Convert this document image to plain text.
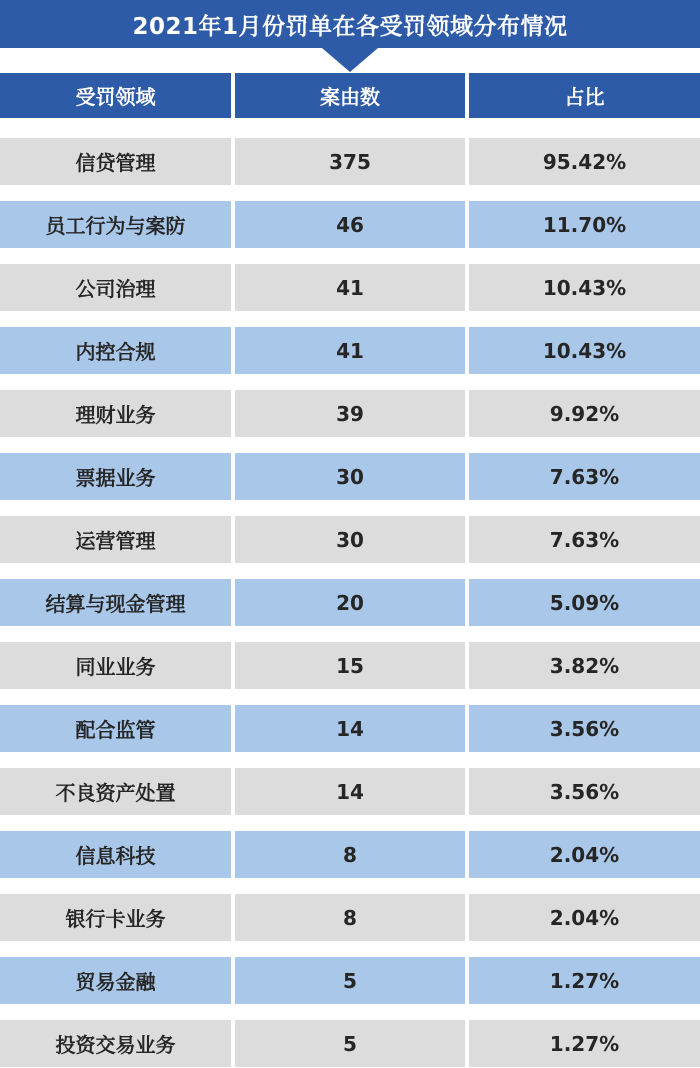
2021年1月份罚单在各受罚领域分布情况
受罚领域	案由数	占比
信贷管理	375	95.42%
员工行为与案防	46	11.70%
公司治理	41	10.43%
内控合规	41	10.43%
理财业务	39	9.92%
票据业务	30	7.63%
运营管理	30	7.63%
结算与现金管理	20	5.09%
同业业务	15	3.82%
配合监管	14	3.56%
不良资产处置	14	3.56%
信息科技	8	2.04%
银行卡业务	8	2.04%
贸易金融	5	1.27%
投资交易业务	5	1.27%
